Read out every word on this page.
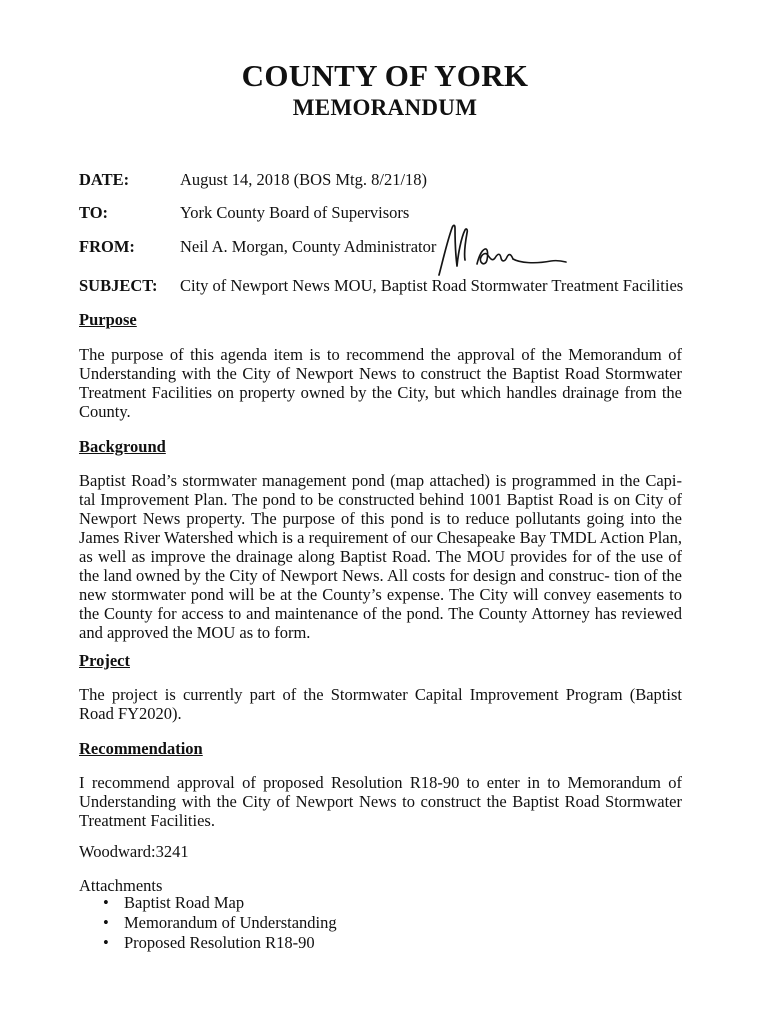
COUNTY OF YORK
MEMORANDUM
DATE:	August 14, 2018 (BOS Mtg. 8/21/18)
TO:	York County Board of Supervisors
FROM:	Neil A. Morgan, County Administrator
SUBJECT: City of Newport News MOU, Baptist Road Stormwater Treatment Facilities
Purpose

The purpose of this agenda item is to recommend the approval of the Memorandum of Understanding with the City of Newport News to construct the Baptist Road Stormwater Treatment Facilities on property owned by the City, but which handles drainage from the County.

Background

Baptist Road’s stormwater management pond (map attached) is programmed in the Capi- tal Improvement Plan. The pond to be constructed behind 1001 Baptist Road is on City of Newport News property. The purpose of this pond is to reduce pollutants going into the James River Watershed which is a requirement of our Chesapeake Bay TMDL Action Plan, as well as improve the drainage along Baptist Road. The MOU provides for of the use of the land owned by the City of Newport News. All costs for design and construc- tion of the new stormwater pond will be at the County’s expense. The City will convey easements to the County for access to and maintenance of the pond. The County Attorney has reviewed and approved the MOU as to form.

Project

The project is currently part of the Stormwater Capital Improvement Program (Baptist Road FY2020).

Recommendation

I recommend approval of proposed Resolution R18-90 to enter in to Memorandum of Understanding with the City of Newport News to construct the Baptist Road Stormwater Treatment Facilities.

Woodward:3241
Attachments
• Baptist Road Map
• Memorandum of Understanding
• Proposed Resolution R18-90
